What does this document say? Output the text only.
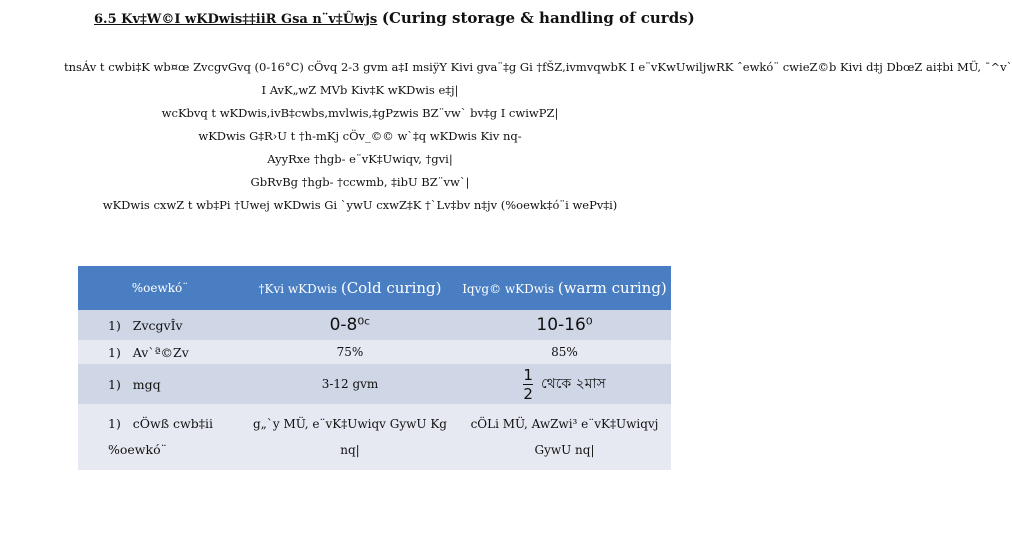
6.5 Kv‡W©I wKDwis‡‡iiR Gsa n¨v‡Ûwjs (Curing storage & handling of curds)
tnsÁv t cwbi‡K wb¤œ ZvcgvGvq (0-16°C) cÖvq 2-3 gvm a‡I msiÿY Kivi gva¨‡g Gi †fŠZ,ivmvqwbK I e¨vKwUwiljwRK ˆewkó¨ cwieZ©b Kivi d‡j DbœZ ai‡bi MÜ, ¯^v`
I AvK„wZ MVb Kiv‡K wKDwis e‡j|
wcKbvq t wKDwis,ivB‡cwbs,mvlwis,‡gPzwis BZ¨vw` bv‡g I cwiwPZ|
wKDwis G‡R›U t †h-mKj cÖv_©© w`‡q wKDwis Kiv nq-
AyyRxe †hgb- e¨vK‡Uwiqv, †gvi|
GbRvBg †hgb- †ccwmb, ‡ibU BZ¨vw`|
wKDwis cxwZ t wb‡Pi †Uwej wKDwis Gi `ywU cxwZ‡K †`Lv‡bv n‡jv (%oewk‡ó¨i wePv‡i)
%oewkó¨	†Kvi wKDwis (Cold curing)	Iqvg© wKDwis (warm curing)
1) ZvcgvÎv	0-8⁰ᶜ	10-16⁰
1) Av`ª©Zv	75%	85%
1) mgq	3-12 gvm	$\frac{1}{2}$ থেকে ২মাস
1) cÖwß cwb‡ii %oewkó¨	g„`y MÜ, e¨vK‡Uwiqv GywU Kg nq|	cÖLi MÜ, AwZwi³ e¨vK‡Uwiqvj GywU nq|
